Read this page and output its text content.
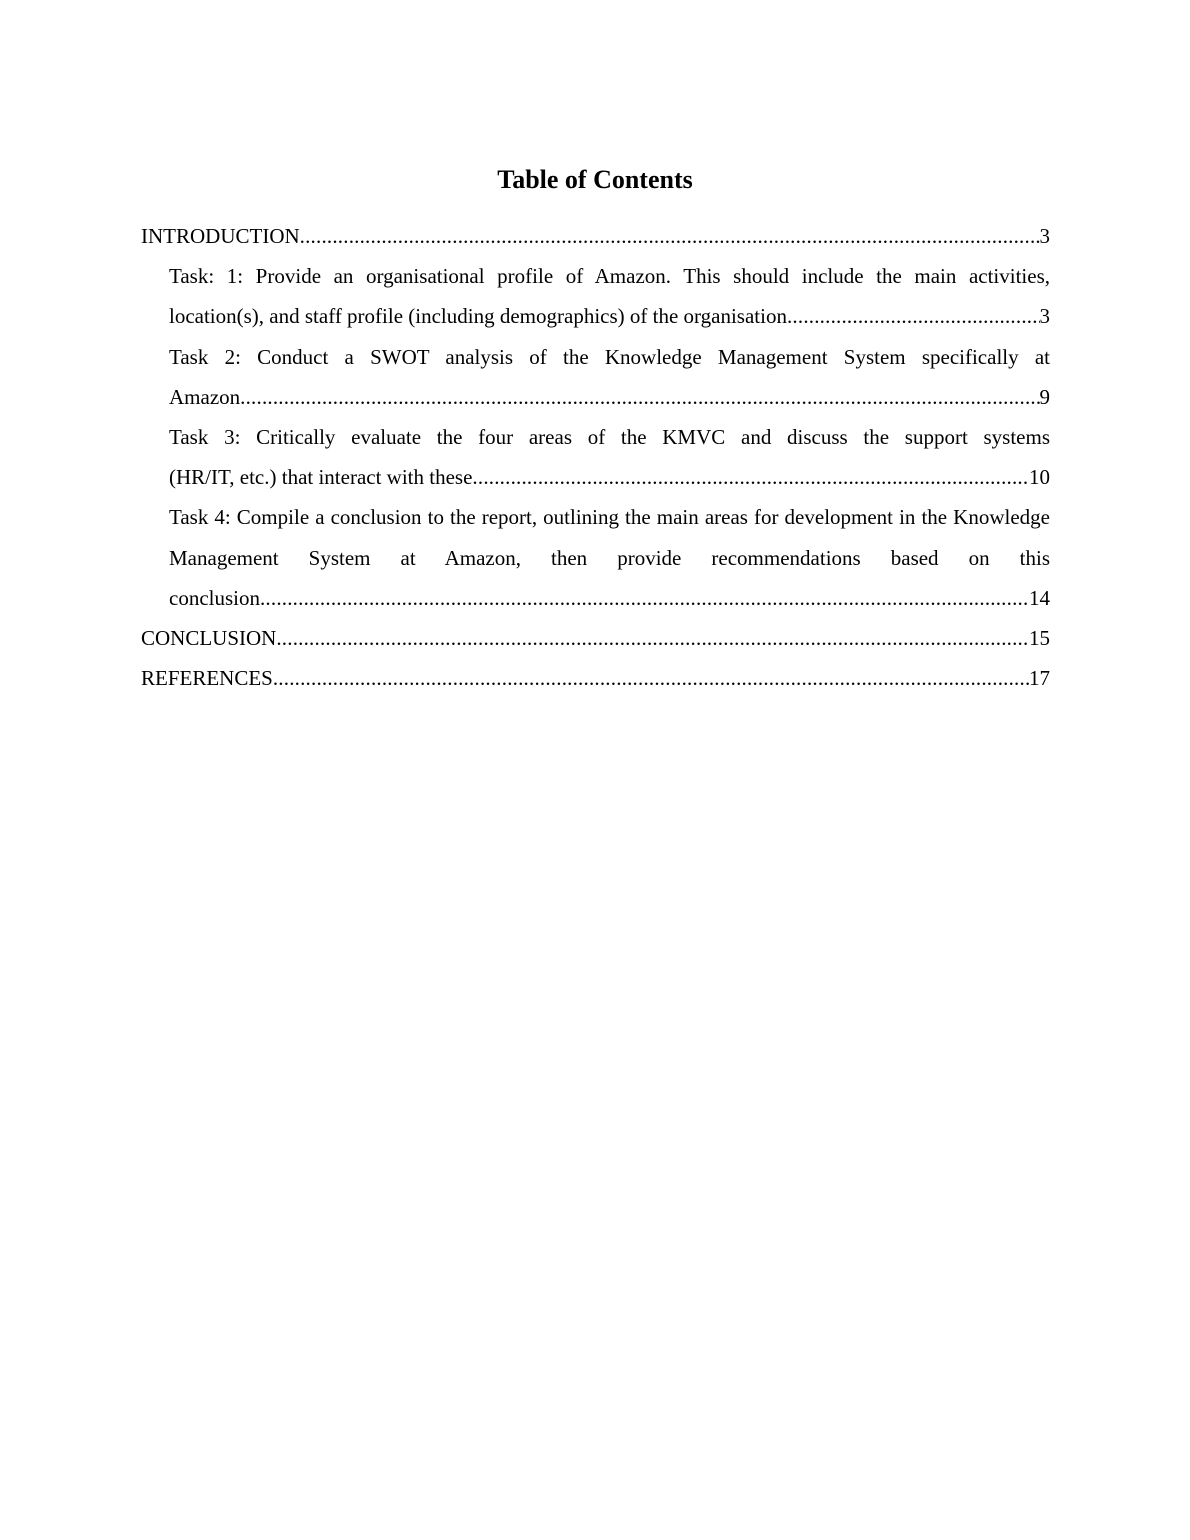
Table of Contents
INTRODUCTION .....	3
Task: 1: Provide an organisational profile of Amazon. This should include the main activities,
location(s), and staff profile (including demographics) of the organisation .....	3
Task 2: Conduct a SWOT analysis of the Knowledge Management System specifically at
Amazon .....	9
Task 3: Critically evaluate the four areas of the KMVC and discuss the support systems
(HR/IT, etc.) that interact with these .....	10
Task 4: Compile a conclusion to the report, outlining the main areas for development in the Knowledge Management System at Amazon, then provide recommendations based on this
conclusion .....	14
CONCLUSION .....	15
REFERENCES .....	17
